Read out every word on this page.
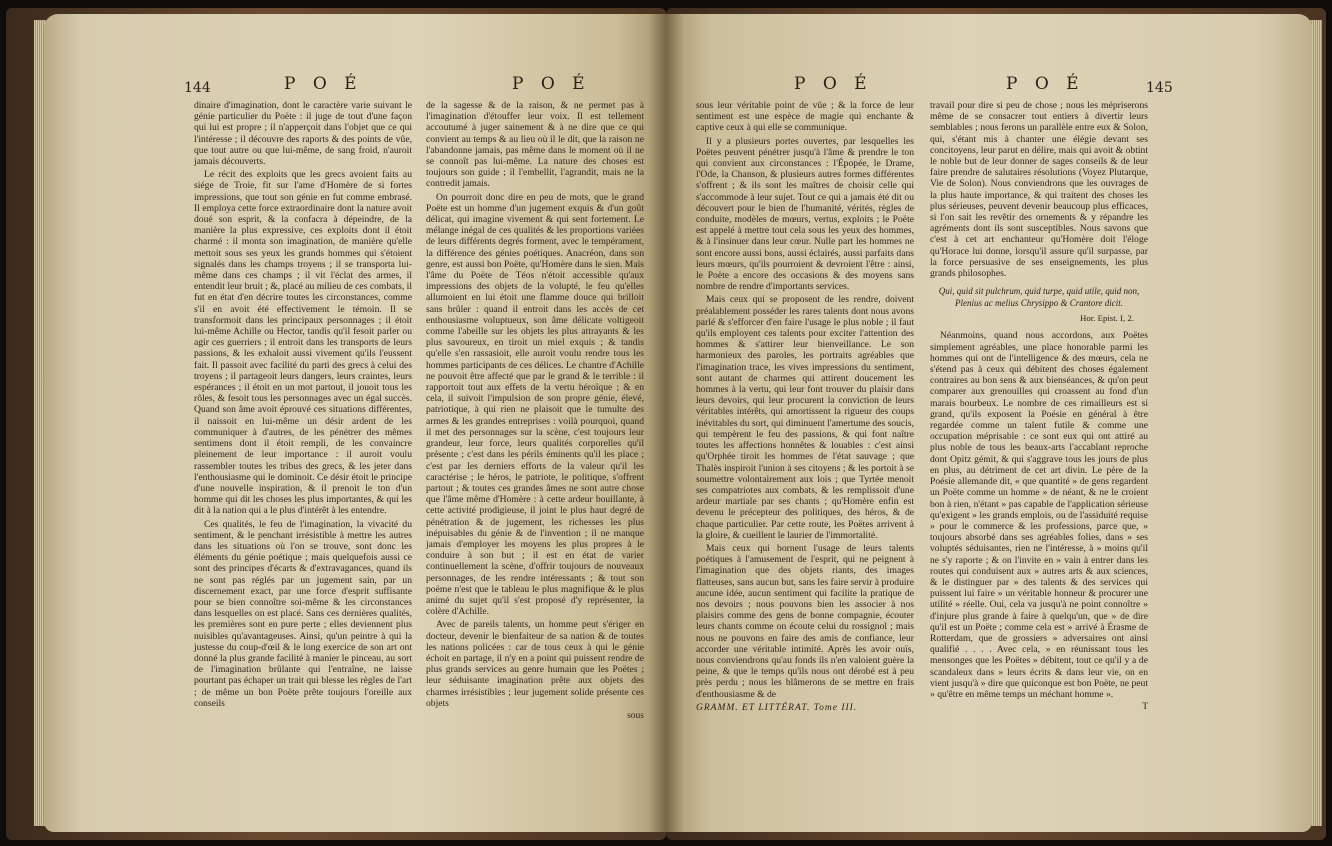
144	P O É	P O É

dinaire d'imagination, dont le caractère varie suivant le génie particulier du Poëte : il juge de tout d'une façon qui lui est propre ; il n'apperçoit dans l'objet que ce qui l'intéresse ; il découvre des raports & des points de vûe, que tout autre ou que lui-même, de sang froid, n'auroit jamais découverts.

Le récit des exploits que les grecs avoient faits au siége de Troie, fit sur l'ame d'Homère de si fortes impressions, que tout son génie en fut comme embrasé. Il employa cette force extraordinaire dont la nature avoit doué son esprit, & la confacra à dépeindre, de la manière la plus expressive, ces exploits dont il étoit charmé : il monta son imagination, de manière qu'elle mettoit sous ses yeux les grands hommes qui s'étoient signalés dans les champs troyens ; il se transporta lui-même dans ces champs ; il vit l'éclat des armes, il entendit leur bruit ; &, placé au milieu de ces combats, il fut en état d'en décrire toutes les circonstances, comme s'il en avoit été effectivement le témoin. Il se transformoit dans les principaux personnages ; il étoit lui-même Achille ou Hector, tandis qu'il fesoit parler ou agir ces guerriers ; il entroit dans les transports de leurs passions, & les exhaloit aussi vivement qu'ils l'eussent fait. Il passoit avec facilité du parti des grecs à celui des troyens ; il partageoit leurs dangers, leurs craintes, leurs espérances ; il étoit en un mot partout, il jouoit tous les rôles, & fesoit tous les personnages avec un égal succès. Quand son âme avoit éprouvé ces situations différentes, il naissoit en lui-même un désir ardent de les communiquer à d'autres, de les pénétrer des mêmes sentimens dont il étoit rempli, de les convaincre pleinement de leur importance : il auroit voulu rassembler toutes les tribus des grecs, & les jeter dans l'enthousiasme qui le dominoit. Ce désir étoit le principe d'une nouvelle inspiration, & il prenoit le ton d'un homme qui dit les choses les plus importantes, & qui les dit à la nation qui a le plus d'intérêt à les entendre.

Ces qualités, le feu de l'imagination, la vivacité du sentiment, & le penchant irrésistible à mettre les autres dans les situations où l'on se trouve, sont donc les éléments du génie poétique ; mais quelquefois aussi ce sont des principes d'écarts & d'extravagances, quand ils ne sont pas réglés par un jugement sain, par un discernement exact, par une force d'esprit suffisante pour se bien connoître soi-même & les circonstances dans lesquelles on est placé. Sans ces dernières qualités, les premières sont en pure perte ; elles deviennent plus nuisibles qu'avantageuses. Ainsi, qu'un peintre à qui la justesse du coup-d'œil & le long exercice de son art ont donné la plus grande facilité à manier le pinceau, au sort de l'imagination brûlante qui l'entraîne, ne laisse pourtant pas échaper un trait qui blesse les règles de l'art ; de même un bon Poëte prête toujours l'oreille aux conseils

de la sagesse & de la raison, & ne permet pas à l'imagination d'étouffer leur voix. Il est tellement accoutumé à juger sainement & à ne dire que ce qui convient au temps & au lieu où il le dit, que la raison ne l'abandonne jamais, pas même dans le moment où il ne se connoît pas lui-même. La nature des choses est toujours son guide ; il l'embellit, l'agrandit, mais ne la contredit jamais.

On pourroit donc dire en peu de mots, que le grand Poëte est un homme d'un jugement exquis & d'un goût délicat, qui imagine vivement & qui sent fortement. Le mélange inégal de ces qualités & les proportions variées de leurs différents degrés forment, avec le tempérament, la différence des génies poétiques. Anacréon, dans son genre, est aussi bon Poëte, qu'Homère dans le sien. Mais l'âme du Poëte de Téos n'étoit accessible qu'aux impressions des objets de la volupté, le feu qu'elles allumoient en lui étoit une flamme douce qui brilloit sans brûler : quand il entroit dans les accès de cet enthousiasme voluptueux, son âme délicate voltigeoit comme l'abeille sur les objets les plus attrayants & les plus savoureux, en tiroit un miel exquis ; & tandis qu'elle s'en rassasioit, elle auroit voulu rendre tous les hommes participants de ces délices. Le chantre d'Achille ne pouvoit être affecté que par le grand & le terrible : il rapportoit tout aux effets de la vertu héroïque ; & en cela, il suivoit l'impulsion de son propre génie, élevé, patriotique, à qui rien ne plaisoit que le tumulte des armes & les grandes entreprises : voilà pourquoi, quand il met des personnages sur la scène, c'est toujours leur grandeur, leur force, leurs qualités corporelles qu'il présente ; c'est dans les périls éminents qu'il les place ; c'est par les derniers efforts de la valeur qu'il les caractérise ; le héros, le patriote, le politique, s'offrent partout ; & toutes ces grandes âmes ne sont autre chose que l'âme même d'Homère : à cette ardeur bouillante, à cette activité prodigieuse, il joint le plus haut degré de pénétration & de jugement, les richesses les plus inépuisables du génie & de l'invention ; il ne manque jamais d'employer les moyens les plus propres à le conduire à son but ; il est en état de varier continuellement la scène, d'offrir toujours de nouveaux personnages, de les rendre intéressants ; & tout son poëme n'est que le tableau le plus magnifique & le plus animé du sujet qu'il s'est proposé d'y représenter, la colère d'Achille.

Avec de pareils talents, un homme peut s'ériger en docteur, devenir le bienfaiteur de sa nation & de toutes les nations policées : car de tous ceux à qui le génie échoit en partage, il n'y en a point qui puissent rendre de plus grands services au genre humain que les Poëtes ; leur séduisante imagination prête aux objets des charmes irrésistibles ; leur jugement solide présente ces objets

sous
P O É	P O É	145

sous leur véritable point de vûe ; & la force de leur sentiment est une espèce de magie qui enchante & captive ceux à qui elle se communique.

Il y a plusieurs portes ouvertes, par lesquelles les Poëtes peuvent pénétrer jusqu'à l'âme & prendre le ton qui convient aux circonstances : l'Épopée, le Drame, l'Ode, la Chanson, & plusieurs autres formes différentes s'offrent ; & ils sont les maîtres de choisir celle qui s'accommode à leur sujet. Tout ce qui a jamais été dit ou découvert pour le bien de l'humanité, vérités, règles de conduite, modèles de mœurs, vertus, exploits ; le Poëte est appelé à mettre tout cela sous les yeux des hommes, & à l'insinuer dans leur cœur. Nulle part les hommes ne sont encore aussi bons, aussi éclairés, aussi parfaits dans leurs mœurs, qu'ils pourroient & devroient l'être : ainsi, le Poëte a encore des occasions & des moyens sans nombre de rendre d'importants services.

Mais ceux qui se proposent de les rendre, doivent préalablement posséder les rares talents dont nous avons parlé & s'efforcer d'en faire l'usage le plus noble ; il faut qu'ils employent ces talents pour exciter l'attention des hommes & s'attirer leur bienveillance. Le son harmonieux des paroles, les portraits agréables que l'imagination trace, les vives impressions du sentiment, sont autant de charmes qui attirent doucement les hommes à la vertu, qui leur font trouver du plaisir dans leurs devoirs, qui leur procurent la conviction de leurs véritables intérêts, qui amortissent la rigueur des coups inévitables du sort, qui diminuent l'amertume des soucis, qui tempèrent le feu des passions, & qui font naître toutes les affections honnêtes & louables : c'est ainsi qu'Orphée tiroit les hommes de l'état sauvage ; que Thalès inspiroit l'union à ses citoyens ; & les portoit à se soumettre volontairement aux lois ; que Tyrtée menoit ses compatriotes aux combats, & les remplissoit d'une ardeur martiale par ses chants ; qu'Homère enfin est devenu le précepteur des politiques, des héros, & de chaque particulier. Par cette route, les Poëtes arrivent à la gloire, & cueillent le laurier de l'immortalité.

Mais ceux qui bornent l'usage de leurs talents poétiques à l'amusement de l'esprit, qui ne peignent à l'imagination que des objets riants, des images flatteuses, sans aucun but, sans les faire servir à produire aucune idée, aucun sentiment qui facilite la pratique de nos devoirs ; nous pouvons bien les associer à nos plaisirs comme des gens de bonne compagnie, écouter leurs chants comme on écoute celui du rossignol ; mais nous ne pouvons en faire des amis de confiance, leur accorder une véritable intimité. Après les avoir ouïs, nous conviendrons qu'au fonds ils n'en valoient guère la peine, & que le temps qu'ils nous ont dérobé est à peu près perdu ; nous les blâmerons de se mettre en frais d'enthousiasme & de

GRAMM. ET LITTÉRAT. Tome III.

travail pour dire si peu de chose ; nous les mépriserons même de se consacrer tout entiers à divertir leurs semblables ; nous ferons un parallèle entre eux & Solon, qui, s'étant mis à chanter une élégie devant ses concitoyens, leur parut en délire, mais qui avoit & obtint le noble but de leur donner de sages conseils & de leur faire prendre de salutaires résolutions (Voyez Plutarque, Vie de Solon). Nous conviendrons que les ouvrages de la plus haute importance, & qui traitent des choses les plus sérieuses, peuvent devenir beaucoup plus efficaces, si l'on sait les revêtir des ornements & y répandre les agréments dont ils sont susceptibles. Nous savons que c'est à cet art enchanteur qu'Homère doit l'éloge qu'Horace lui donne, lorsqu'il assure qu'il surpasse, par la force persuasive de ses enseignements, les plus grands philosophes.

Qui, quid sit pulchrum, quid turpe, quid utile, quid non,
Plenius ac melius Chrysippo & Crantore dicit.
Hor. Epist. I, 2.

Néanmoins, quand nous accordons, aux Poëtes simplement agréables, une place honorable parmi les hommes qui ont de l'intelligence & des mœurs, cela ne s'étend pas à ceux qui débitent des choses également contraires au bon sens & aux bienséances, & qu'on peut comparer aux grenouilles qui croassent au fond d'un marais bourbeux. Le nombre de ces rimailleurs est si grand, qu'ils exposent la Poésie en général à être regardée comme un talent futile & comme une occupation méprisable : ce sont eux qui ont attiré au plus noble de tous les beaux-arts l'accablant reproche dont Opitz gémit, & qui s'aggrave tous les jours de plus en plus, au détriment de cet art divin. Le père de la Poésie allemande dit, « que quantité » de gens regardent un Poëte comme un homme » de néant, & ne le croient bon à rien, n'étant » pas capable de l'application sérieuse qu'exigent » les grands emplois, ou de l'assiduité requise » pour le commerce & les professions, parce que, » toujours absorbé dans ses agréables folies, dans » ses voluptés séduisantes, rien ne l'intéresse, à » moins qu'il ne s'y raporte ; & on l'invite en » vain à entrer dans les routes qui conduisent aux » autres arts & aux sciences, & le distinguer par » des talents & des services qui puissent lui faire » un véritable honneur & procurer une utilité » réelle. Oui, cela va jusqu'à ne point connoître » d'injure plus grande à faire à quelqu'un, que » de dire qu'il est un Poëte ; comme cela est » arrivé à Érasme de Rotterdam, que de grossiers » adversaires ont ainsi qualifié . . . . Avec cela, » en réunissant tous les mensonges que les Poëtes » débitent, tout ce qu'il y a de scandaleux dans » leurs écrits & dans leur vie, on en vient jusqu'à » dire que quiconque est bon Poëte, ne peut » qu'être en même temps un méchant homme ».

T
